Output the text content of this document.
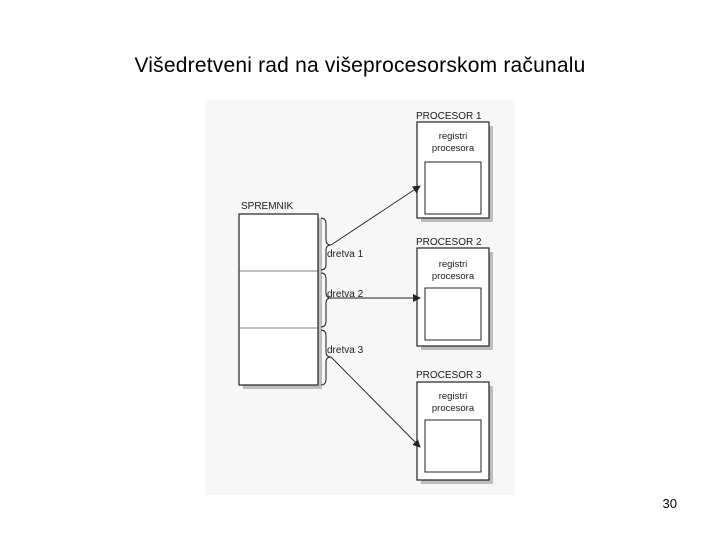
Višedretveni rad na višeprocesorskom računalu
SPREMNIK
dretva 1
dretva 2
dretva 3
PROCESOR 1
registri
procesora
PROCESOR 2
registri
procesora
PROCESOR 3
registri
procesora
30
